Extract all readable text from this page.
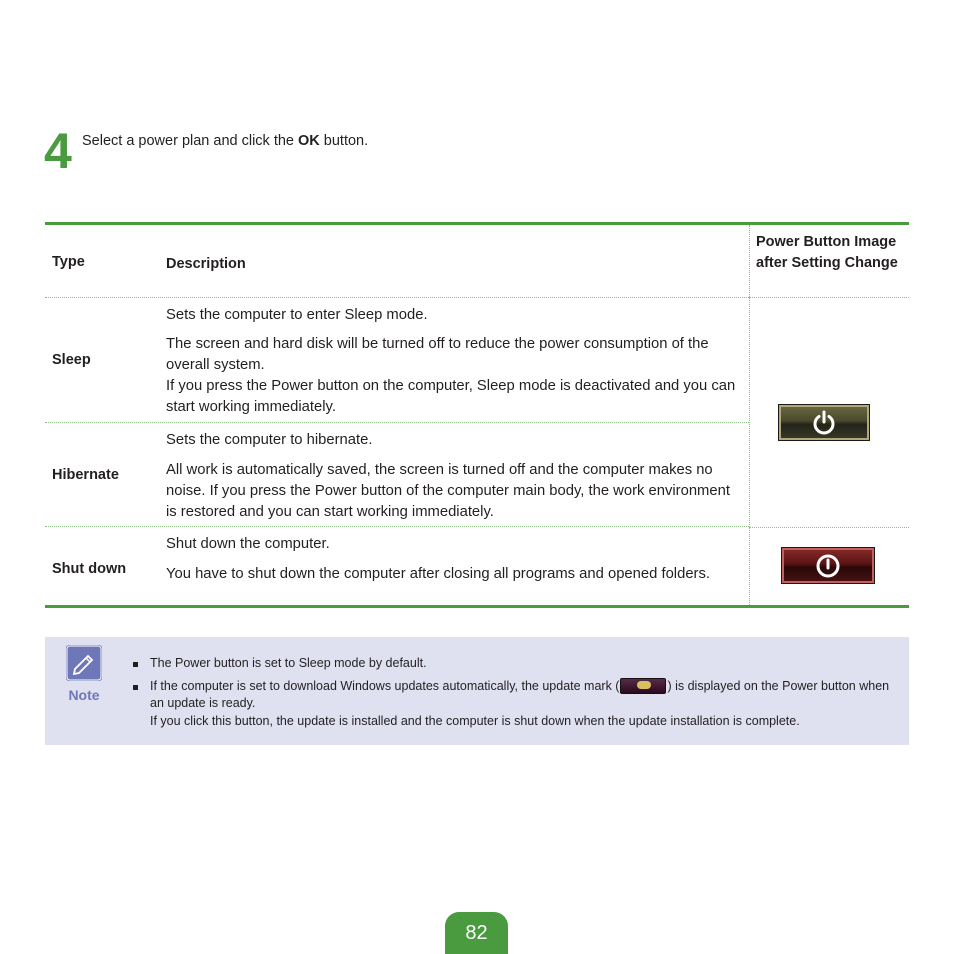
4 Select a power plan and click the OK button.
Type	Description
Power Button Image after Setting Change
Sleep

Sets the computer to enter Sleep mode.

The screen and hard disk will be turned off to reduce the power consumption of the overall system.

If you press the Power button on the computer, Sleep mode is deactivated and you can start working immediately.

Hibernate

Sets the computer to hibernate.

All work is automatically saved, the screen is turned off and the computer makes no noise. If you press the Power button of the computer main body, the work environment is restored and you can start working immediately.

Shut down

Shut down the computer.

You have to shut down the computer after closing all programs and opened folders.

Note
The Power button is set to Sleep mode by default.
If the computer is set to download Windows updates automatically, the update mark (	) is displayed on the Power button when an update is ready.
If you click this button, the update is installed and the computer is shut down when the update installation is complete.
82
